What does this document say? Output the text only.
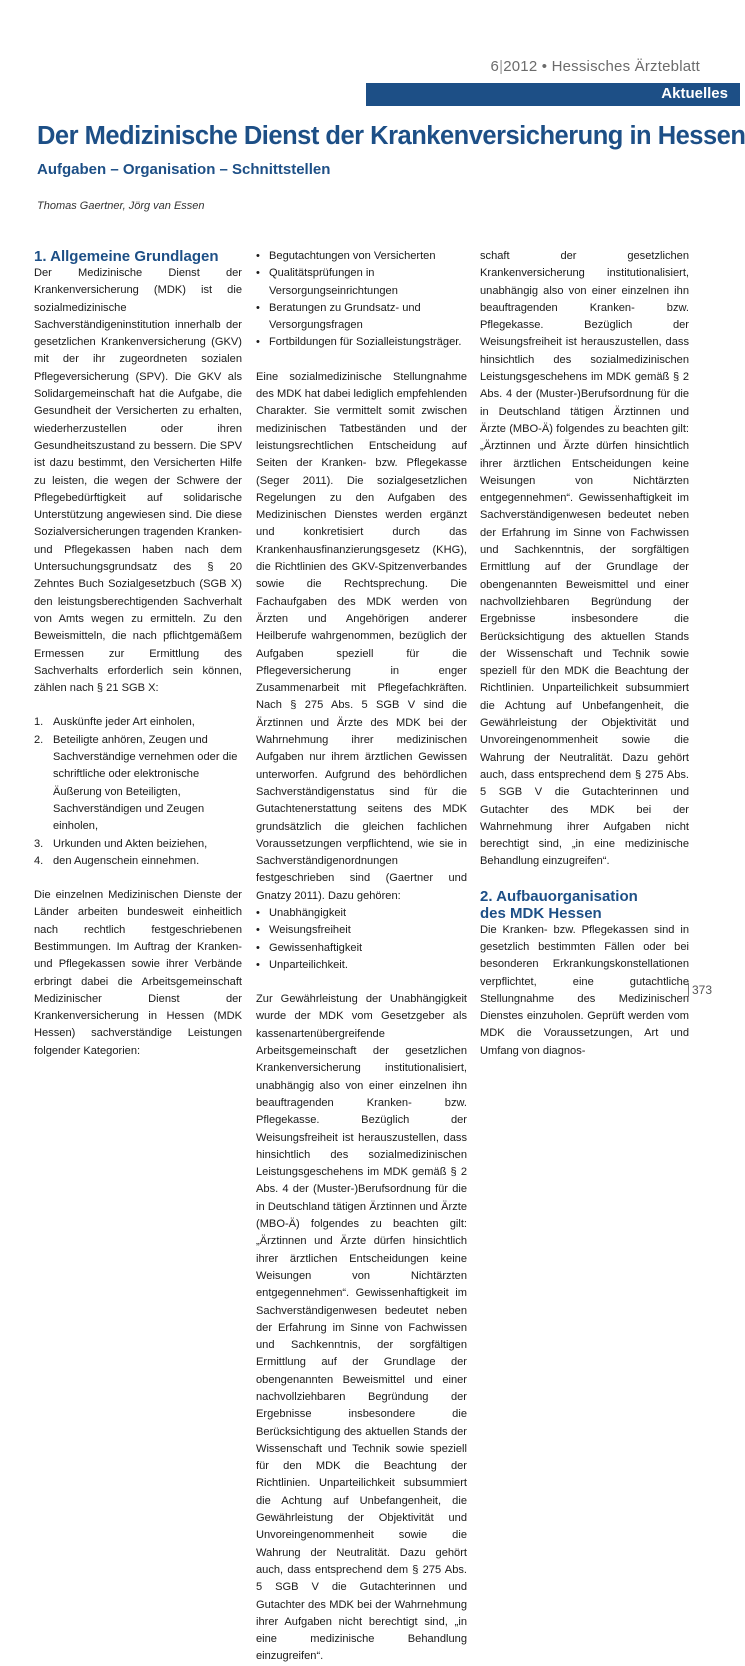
6|2012 • Hessisches Ärzteblatt
Aktuelles
Der Medizinische Dienst der Krankenversicherung in Hessen
Aufgaben – Organisation – Schnittstellen
Thomas Gaertner, Jörg van Essen
1. Allgemeine Grundlagen

Der Medizinische Dienst der Krankenversicherung (MDK) ist die sozialmedizinische Sachverständigeninstitution innerhalb der gesetzlichen Krankenversicherung (GKV) mit der ihr zugeordneten sozialen Pflegeversicherung (SPV). Die GKV als Solidargemeinschaft hat die Aufgabe, die Gesundheit der Versicherten zu erhalten, wiederherzustellen oder ihren Gesundheitszustand zu bessern. Die SPV ist dazu bestimmt, den Versicherten Hilfe zu leisten, die wegen der Schwere der Pflegebedürftigkeit auf solidarische Unterstützung angewiesen sind. Die diese Sozialversicherungen tragenden Kranken- und Pflegekassen haben nach dem Untersuchungsgrundsatz des § 20 Zehntes Buch Sozialgesetzbuch (SGB X) den leistungsberechtigenden Sachverhalt von Amts wegen zu ermitteln. Zu den Beweismitteln, die nach pflichtgemäßem Ermessen zur Ermittlung des Sachverhalts erforderlich sein können, zählen nach § 21 SGB X:

1. Auskünfte jeder Art einholen,
2. Beteiligte anhören, Zeugen und Sachverständige vernehmen oder die schriftliche oder elektronische Äußerung von Beteiligten, Sachverständigen und Zeugen einholen,
3. Urkunden und Akten beiziehen,
4. den Augenschein einnehmen.

Die einzelnen Medizinischen Dienste der Länder arbeiten bundesweit einheitlich nach rechtlich festgeschriebenen Bestimmungen. Im Auftrag der Kranken- und Pflegekassen sowie ihrer Verbände erbringt dabei die Arbeitsgemeinschaft Medizinischer Dienst der Krankenversicherung in Hessen (MDK Hessen) sachverständige Leistungen folgender Kategorien:

• Begutachtungen von Versicherten
• Qualitätsprüfungen in Versorgungseinrichtungen
• Beratungen zu Grundsatz- und Versorgungsfragen
• Fortbildungen für Sozialleistungsträger.

Eine sozialmedizinische Stellungnahme des MDK hat dabei lediglich empfehlenden Charakter. Sie vermittelt somit zwischen medizinischen Tatbeständen und der leistungsrechtlichen Entscheidung auf Seiten der Kranken- bzw. Pflegekasse (Seger 2011). Die sozialgesetzlichen Regelungen zu den Aufgaben des Medizinischen Dienstes werden ergänzt und konkretisiert durch das Krankenhausfinanzierungsgesetz (KHG), die Richtlinien des GKV-Spitzenverbandes sowie die Rechtsprechung. Die Fachaufgaben des MDK werden von Ärzten und Angehörigen anderer Heilberufe wahrgenommen, bezüglich der Aufgaben speziell für die Pflegeversicherung in enger Zusammenarbeit mit Pflegefachkräften. Nach § 275 Abs. 5 SGB V sind die Ärztinnen und Ärzte des MDK bei der Wahrnehmung ihrer medizinischen Aufgaben nur ihrem ärztlichen Gewissen unterworfen. Aufgrund des behördlichen Sachverständigenstatus sind für die Gutachtenerstattung seitens des MDK grundsätzlich die gleichen fachlichen Voraussetzungen verpflichtend, wie sie in Sachverständigenordnungen festgeschrieben sind (Gaertner und Gnatzy 2011). Dazu gehören:

• Unabhängigkeit
• Weisungsfreiheit
• Gewissenhaftigkeit
• Unparteilichkeit.

Zur Gewährleistung der Unabhängigkeit wurde der MDK vom Gesetzgeber als kassenartenübergreifende Arbeitsgemeinschaft der gesetzlichen Krankenversicherung institutionalisiert, unabhängig also von einer einzelnen ihn beauftragenden Kranken- bzw. Pflegekasse. Bezüglich der Weisungsfreiheit ist herauszustellen, dass hinsichtlich des sozialmedizinischen Leistungsgeschehens im MDK gemäß § 2 Abs. 4 der (Muster-)Berufsordnung für die in Deutschland tätigen Ärztinnen und Ärzte (MBO-Ä) folgendes zu beachten gilt: „Ärztinnen und Ärzte dürfen hinsichtlich ihrer ärztlichen Entscheidungen keine Weisungen von Nichtärzten entgegennehmen“. Gewissenhaftigkeit im Sachverständigenwesen bedeutet neben der Erfahrung im Sinne von Fachwissen und Sachkenntnis, der sorgfältigen Ermittlung auf der Grundlage der obengenannten Beweismittel und einer nachvollziehbaren Begründung der Ergebnisse insbesondere die Berücksichtigung des aktuellen Stands der Wissenschaft und Technik sowie speziell für den MDK die Beachtung der Richtlinien. Unparteilichkeit subsummiert die Achtung auf Unbefangenheit, die Gewährleistung der Objektivität und Unvoreingenommenheit sowie die Wahrung der Neutralität. Dazu gehört auch, dass entsprechend dem § 275 Abs. 5 SGB V die Gutachterinnen und Gutachter des MDK bei der Wahrnehmung ihrer Aufgaben nicht berechtigt sind, „in eine medizinische Behandlung einzugreifen“.

schaft der gesetzlichen Krankenversicherung institutionalisiert, unabhängig also von einer einzelnen ihn beauftragenden Kranken- bzw. Pflegekasse. Bezüglich der Weisungsfreiheit ist herauszustellen, dass hinsichtlich des sozialmedizinischen Leistungsgeschehens im MDK gemäß § 2 Abs. 4 der (Muster-)Berufsordnung für die in Deutschland tätigen Ärztinnen und Ärzte (MBO-Ä) folgendes zu beachten gilt: „Ärztinnen und Ärzte dürfen hinsichtlich ihrer ärztlichen Entscheidungen keine Weisungen von Nichtärzten entgegennehmen“. Gewissenhaftigkeit im Sachverständigenwesen bedeutet neben der Erfahrung im Sinne von Fachwissen und Sachkenntnis, der sorgfältigen Ermittlung auf der Grundlage der obengenannten Beweismittel und einer nachvollziehbaren Begründung der Ergebnisse insbesondere die Berücksichtigung des aktuellen Stands der Wissenschaft und Technik sowie speziell für den MDK die Beachtung der Richtlinien. Unparteilichkeit subsummiert die Achtung auf Unbefangenheit, die Gewährleistung der Objektivität und Unvoreingenommenheit sowie die Wahrung der Neutralität. Dazu gehört auch, dass entsprechend dem § 275 Abs. 5 SGB V die Gutachterinnen und Gutachter des MDK bei der Wahrnehmung ihrer Aufgaben nicht berechtigt sind, „in eine medizinische Behandlung einzugreifen“.

2. Aufbauorganisation
des MDK Hessen

Die Kranken- bzw. Pflegekassen sind in gesetzlich bestimmten Fällen oder bei besonderen Erkrankungskonstellationen verpflichtet, eine gutachtliche Stellungnahme des Medizinischen Dienstes einzuholen. Geprüft werden vom MDK die Voraussetzungen, Art und Umfang von diagnos-

373
